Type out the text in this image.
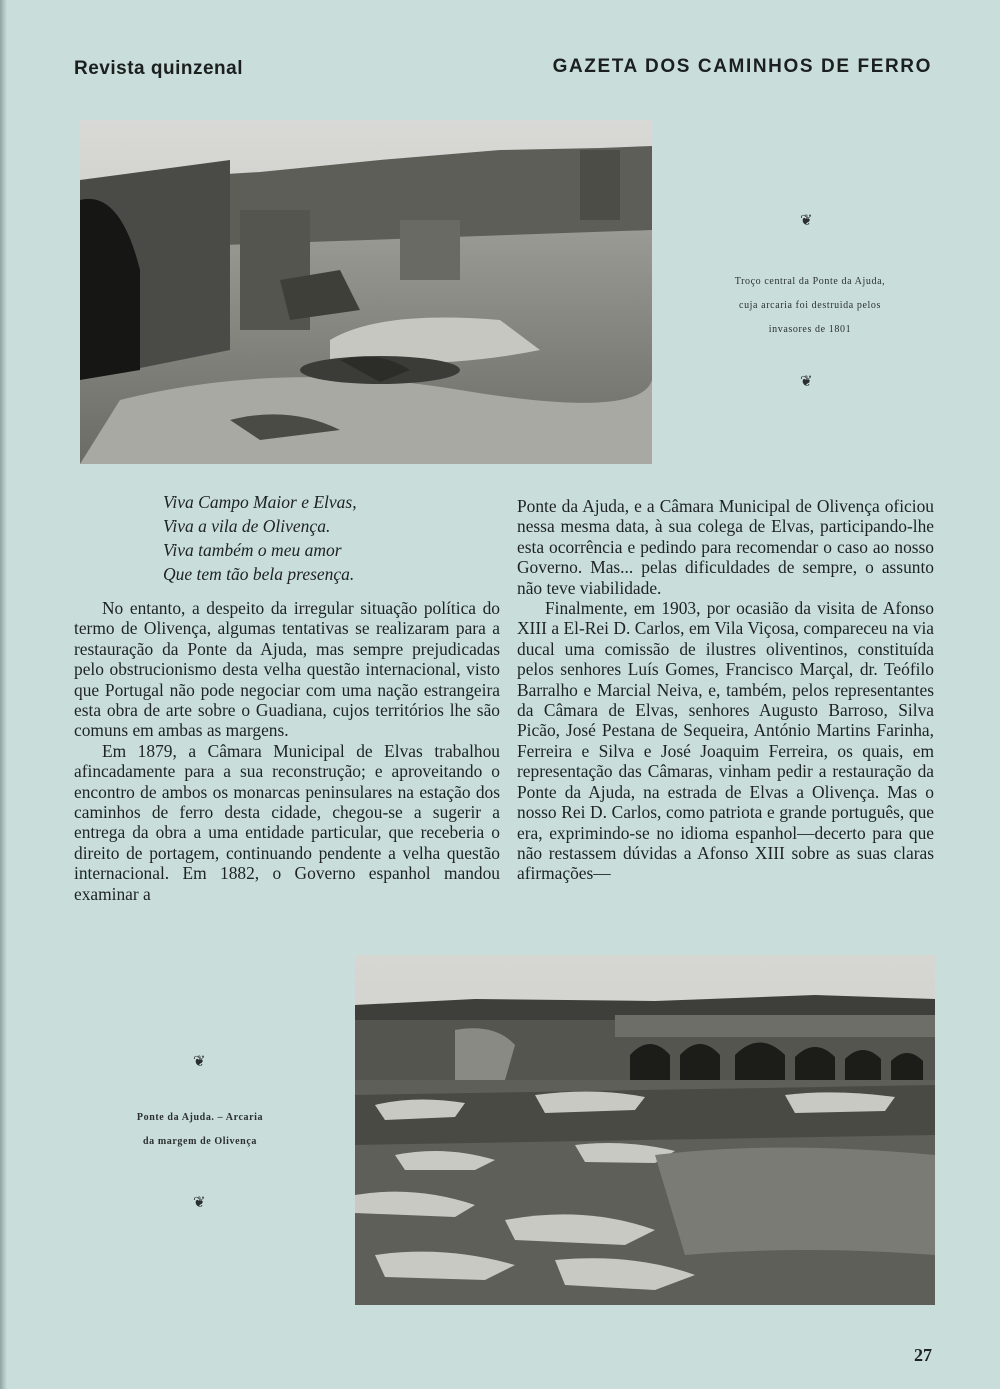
Revista quinzenal	GAZETA DOS CAMINHOS DE FERRO
❦
Troço central da Ponte da Ajuda,
cuja arcaria foi destruida pelos
invasores de 1801
❦
Viva Campo Maior e Elvas,
Viva a vila de Olivença.
Viva também o meu amor
Que tem tão bela presença.

No entanto, a despeito da irregular situação política do termo de Olivença, algumas tentativas se realizaram para a restauração da Ponte da Ajuda, mas sempre prejudicadas pelo obstrucionismo desta velha questão internacional, visto que Portugal não pode negociar com uma nação estrangeira esta obra de arte sobre o Guadiana, cujos territórios lhe são comuns em ambas as margens.

Em 1879, a Câmara Municipal de Elvas trabalhou afincadamente para a sua reconstrução; e aproveitando o encontro de ambos os monarcas peninsulares na estação dos caminhos de ferro desta cidade, chegou-se a sugerir a entrega da obra a uma entidade particular, que receberia o direito de portagem, continuando pendente a velha questão internacional. Em 1882, o Governo espanhol mandou examinar a

Ponte da Ajuda, e a Câmara Municipal de Olivença oficiou nessa mesma data, à sua colega de Elvas, participando-lhe esta ocorrência e pedindo para recomendar o caso ao nosso Governo. Mas... pelas dificuldades de sempre, o assunto não teve viabilidade.

Finalmente, em 1903, por ocasião da visita de Afonso XIII a El-Rei D. Carlos, em Vila Viçosa, compareceu na via ducal uma comissão de ilustres oliventinos, constituída pelos senhores Luís Gomes, Francisco Marçal, dr. Teófilo Barralho e Marcial Neiva, e, também, pelos representantes da Câmara de Elvas, senhores Augusto Barroso, Silva Picão, José Pestana de Sequeira, António Martins Farinha, Ferreira e Silva e José Joaquim Ferreira, os quais, em representação das Câmaras, vinham pedir a restauração da Ponte da Ajuda, na estrada de Elvas a Olivença. Mas o nosso Rei D. Carlos, como patriota e grande português, que era, exprimindo-se no idioma espanhol—decerto para que não restassem dúvidas a Afonso XIII sobre as suas claras afirmações—

❦
Ponte da Ajuda. – Arcaria
da margem de Olivença
❦
27
